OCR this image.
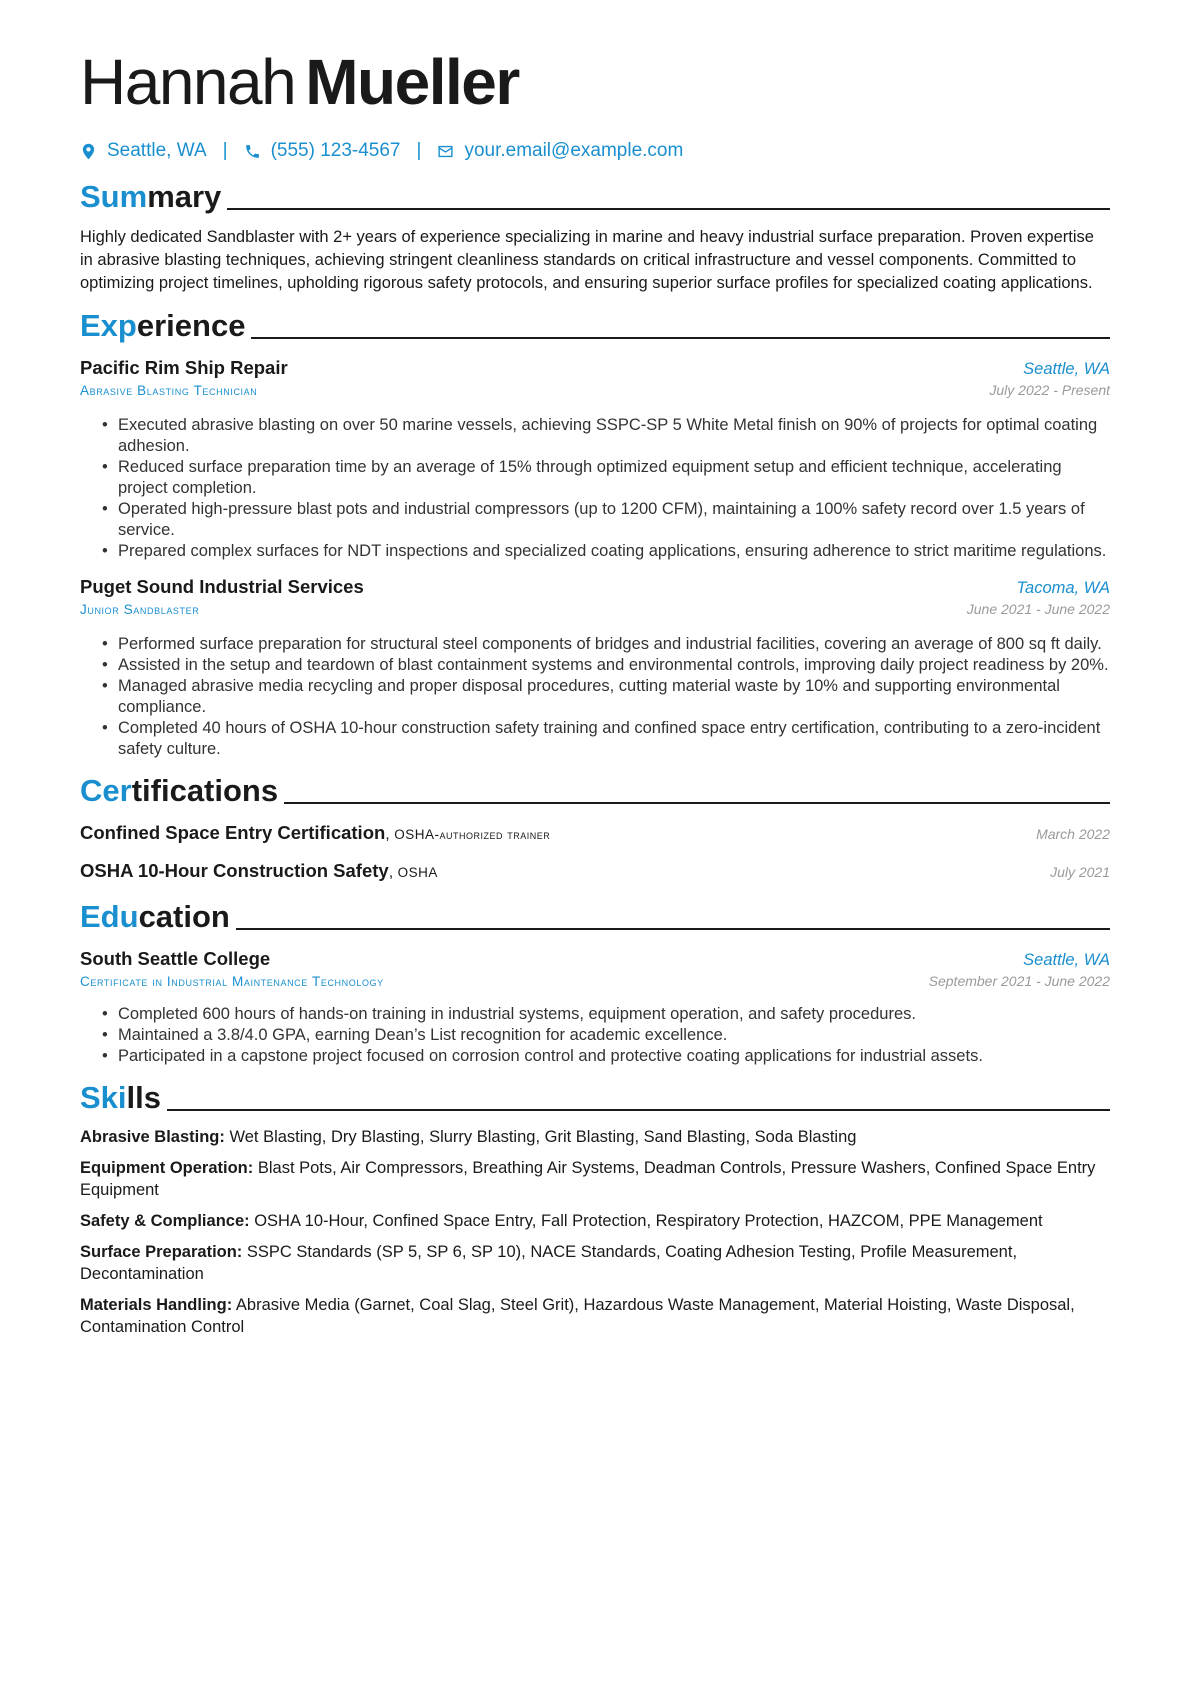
Hannah Mueller
Seattle, WA | (555) 123-4567 | your.email@example.com
Summary

Highly dedicated Sandblaster with 2+ years of experience specializing in marine and heavy industrial surface preparation. Proven expertise in abrasive blasting techniques, achieving stringent cleanliness standards on critical infrastructure and vessel components. Committed to optimizing project timelines, upholding rigorous safety protocols, and ensuring superior surface profiles for specialized coating applications.

Experience
Pacific Rim Ship Repair	Seattle, WA
Abrasive Blasting Technician	July 2022 - Present
• Executed abrasive blasting on over 50 marine vessels, achieving SSPC-SP 5 White Metal finish on 90% of projects for optimal coating adhesion.
• Reduced surface preparation time by an average of 15% through optimized equipment setup and efficient technique, accelerating project completion.
• Operated high-pressure blast pots and industrial compressors (up to 1200 CFM), maintaining a 100% safety record over 1.5 years of service.
• Prepared complex surfaces for NDT inspections and specialized coating applications, ensuring adherence to strict maritime regulations.
Puget Sound Industrial Services	Tacoma, WA
Junior Sandblaster	June 2021 - June 2022
• Performed surface preparation for structural steel components of bridges and industrial facilities, covering an average of 800 sq ft daily.
• Assisted in the setup and teardown of blast containment systems and environmental controls, improving daily project readiness by 20%.
• Managed abrasive media recycling and proper disposal procedures, cutting material waste by 10% and supporting environmental compliance.
• Completed 40 hours of OSHA 10-hour construction safety training and confined space entry certification, contributing to a zero-incident safety culture.
Certifications
Confined Space Entry Certification, OSHA-authorized trainer	March 2022
OSHA 10-Hour Construction Safety, OSHA	July 2021
Education
South Seattle College	Seattle, WA
Certificate in Industrial Maintenance Technology	September 2021 - June 2022
• Completed 600 hours of hands-on training in industrial systems, equipment operation, and safety procedures.
• Maintained a 3.8/4.0 GPA, earning Dean’s List recognition for academic excellence.
• Participated in a capstone project focused on corrosion control and protective coating applications for industrial assets.
Skills
Abrasive Blasting: Wet Blasting, Dry Blasting, Slurry Blasting, Grit Blasting, Sand Blasting, Soda Blasting
Equipment Operation: Blast Pots, Air Compressors, Breathing Air Systems, Deadman Controls, Pressure Washers, Confined Space Entry Equipment
Safety & Compliance: OSHA 10-Hour, Confined Space Entry, Fall Protection, Respiratory Protection, HAZCOM, PPE Management
Surface Preparation: SSPC Standards (SP 5, SP 6, SP 10), NACE Standards, Coating Adhesion Testing, Profile Measurement, Decontamination
Materials Handling: Abrasive Media (Garnet, Coal Slag, Steel Grit), Hazardous Waste Management, Material Hoisting, Waste Disposal, Contamination Control
